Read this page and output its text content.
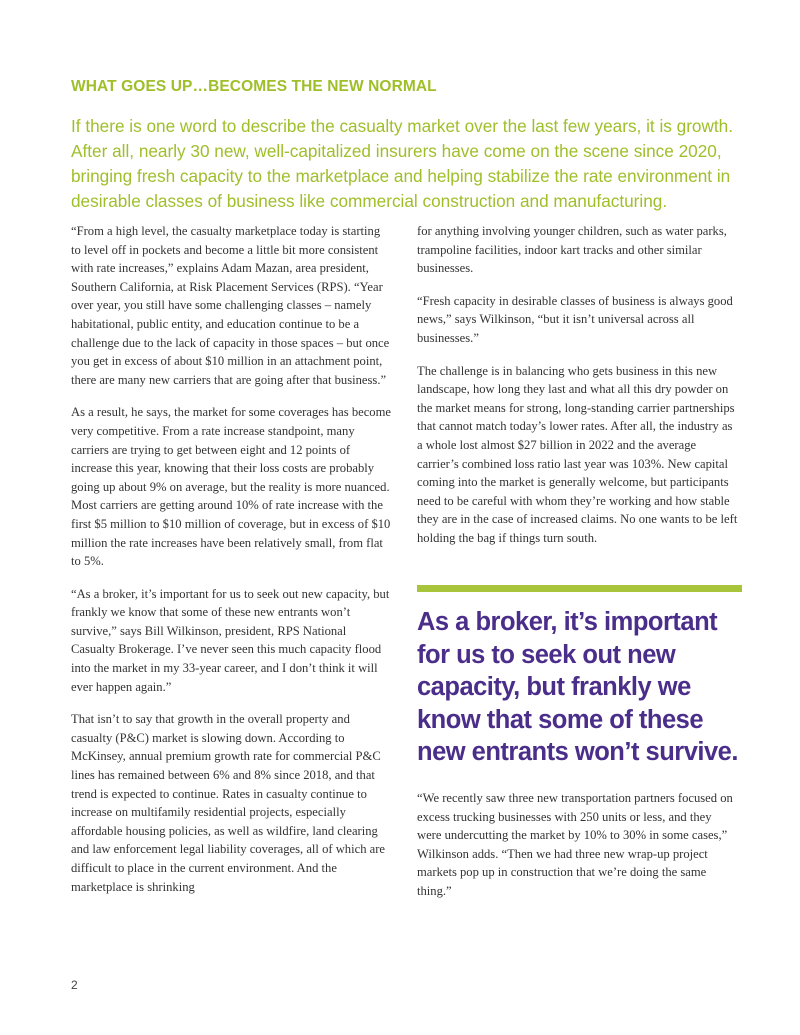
WHAT GOES UP…BECOMES THE NEW NORMAL

If there is one word to describe the casualty market over the last few years, it is growth. After all, nearly 30 new, well-capitalized insurers have come on the scene since 2020, bringing fresh capacity to the marketplace and helping stabilize the rate environment in desirable classes of business like commercial construction and manufacturing.

“From a high level, the casualty marketplace today is starting to level off in pockets and become a little bit more consistent with rate increases,” explains Adam Mazan, area president, Southern California, at Risk Placement Services (RPS). “Year over year, you still have some challenging classes – namely habitational, public entity, and education continue to be a challenge due to the lack of capacity in those spaces – but once you get in excess of about $10 million in an attachment point, there are many new carriers that are going after that business.”

As a result, he says, the market for some coverages has become very competitive. From a rate increase standpoint, many carriers are trying to get between eight and 12 points of increase this year, knowing that their loss costs are probably going up about 9% on average, but the reality is more nuanced. Most carriers are getting around 10% of rate increase with the first $5 million to $10 million of coverage, but in excess of $10 million the rate increases have been relatively small, from flat to 5%.

“As a broker, it’s important for us to seek out new capacity, but frankly we know that some of these new entrants won’t survive,” says Bill Wilkinson, president, RPS National Casualty Brokerage. I’ve never seen this much capacity flood into the market in my 33-year career, and I don’t think it will ever happen again.”

That isn’t to say that growth in the overall property and casualty (P&C) market is slowing down. According to McKinsey, annual premium growth rate for commercial P&C lines has remained between 6% and 8% since 2018, and that trend is expected to continue. Rates in casualty continue to increase on multifamily residential projects, especially affordable housing policies, as well as wildfire, land clearing and law enforcement legal liability coverages, all of which are difficult to place in the current environment. And the marketplace is shrinking

for anything involving younger children, such as water parks, trampoline facilities, indoor kart tracks and other similar businesses.

“Fresh capacity in desirable classes of business is always good news,” says Wilkinson, “but it isn’t universal across all businesses.”

The challenge is in balancing who gets business in this new landscape, how long they last and what all this dry powder on the market means for strong, long-standing carrier partnerships that cannot match today’s lower rates. After all, the industry as a whole lost almost $27 billion in 2022 and the average carrier’s combined loss ratio last year was 103%. New capital coming into the market is generally welcome, but participants need to be careful with whom they’re working and how stable they are in the case of increased claims. No one wants to be left holding the bag if things turn south.

As a broker, it’s important for us to seek out new capacity, but frankly we know that some of these new entrants won’t survive.

“We recently saw three new transportation partners focused on excess trucking businesses with 250 units or less, and they were undercutting the market by 10% to 30% in some cases,” Wilkinson adds. “Then we had three new wrap-up project markets pop up in construction that we’re doing the same thing.”

2
